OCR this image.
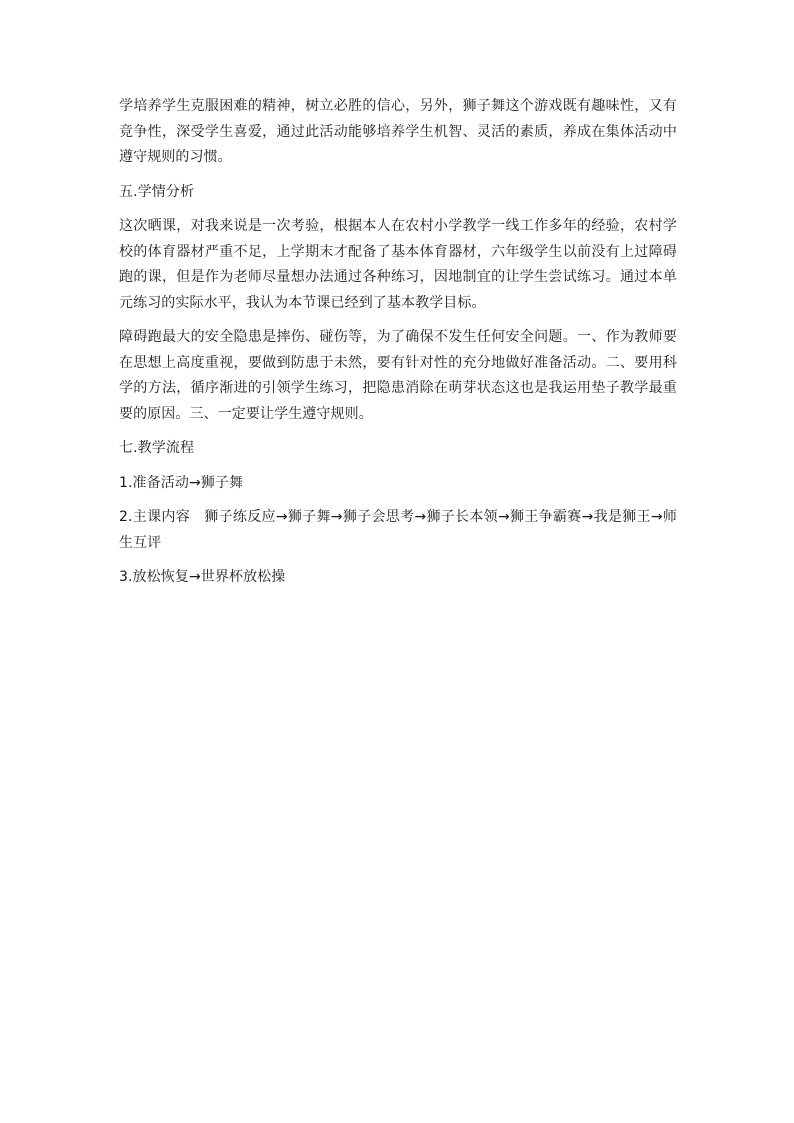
学培养学生克服困难的精神，树立必胜的信心，另外，狮子舞这个游戏既有趣味性，又有竞争性，深受学生喜爱，通过此活动能够培养学生机智、灵活的素质，养成在集体活动中遵守规则的习惯。

五.学情分析

这次晒课，对我来说是一次考验，根据本人在农村小学教学一线工作多年的经验，农村学校的体育器材严重不足，上学期末才配备了基本体育器材，六年级学生以前没有上过障碍跑的课，但是作为老师尽量想办法通过各种练习，因地制宜的让学生尝试练习。通过本单元练习的实际水平，我认为本节课已经到了基本教学目标。

障碍跑最大的安全隐患是摔伤、碰伤等，为了确保不发生任何安全问题。一、作为教师要在思想上高度重视，要做到防患于未然，要有针对性的充分地做好准备活动。二、要用科学的方法，循序渐进的引领学生练习，把隐患消除在萌芽状态这也是我运用垫子教学最重要的原因。三、一定要让学生遵守规则。

七.教学流程

1.准备活动→狮子舞

2.主课内容   狮子练反应→狮子舞→狮子会思考→狮子长本领→狮王争霸赛→我是狮王→师生互评

3.放松恢复→世界杯放松操
